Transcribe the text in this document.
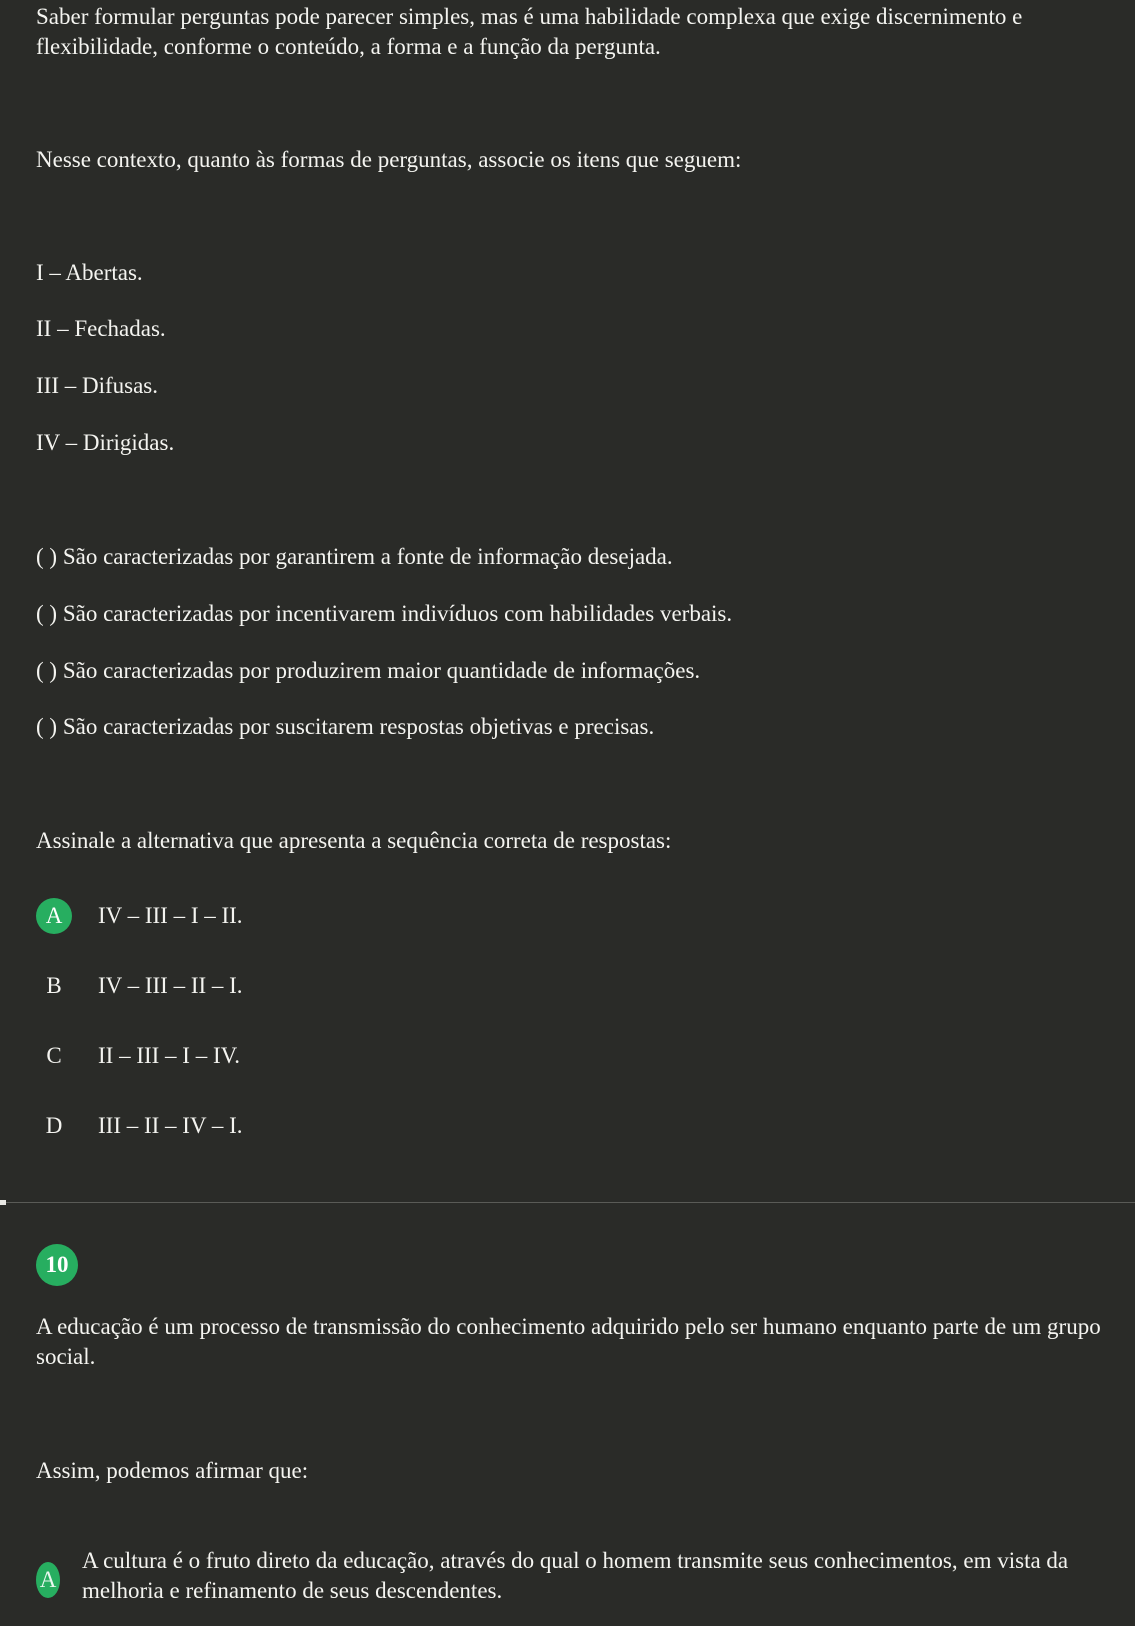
Saber formular perguntas pode parecer simples, mas é uma habilidade complexa que exige discernimento e flexibilidade, conforme o conteúdo, a forma e a função da pergunta.
Nesse contexto, quanto às formas de perguntas, associe os itens que seguem:
I – Abertas.
II – Fechadas.
III – Difusas.
IV – Dirigidas.
( ) São caracterizadas por garantirem a fonte de informação desejada.
( ) São caracterizadas por incentivarem indivíduos com habilidades verbais.
( ) São caracterizadas por produzirem maior quantidade de informações.
( ) São caracterizadas por suscitarem respostas objetivas e precisas.
Assinale a alternativa que apresenta a sequência correta de respostas:
A	IV – III – I – II.
B	IV – III – II – I.
C	II – III – I – IV.
D	III – II – IV – I.
10
A educação é um processo de transmissão do conhecimento adquirido pelo ser humano enquanto parte de um grupo social.
Assim, podemos afirmar que:
A
A cultura é o fruto direto da educação, através do qual o homem transmite seus conhecimentos, em vista da melhoria e refinamento de seus descendentes.
